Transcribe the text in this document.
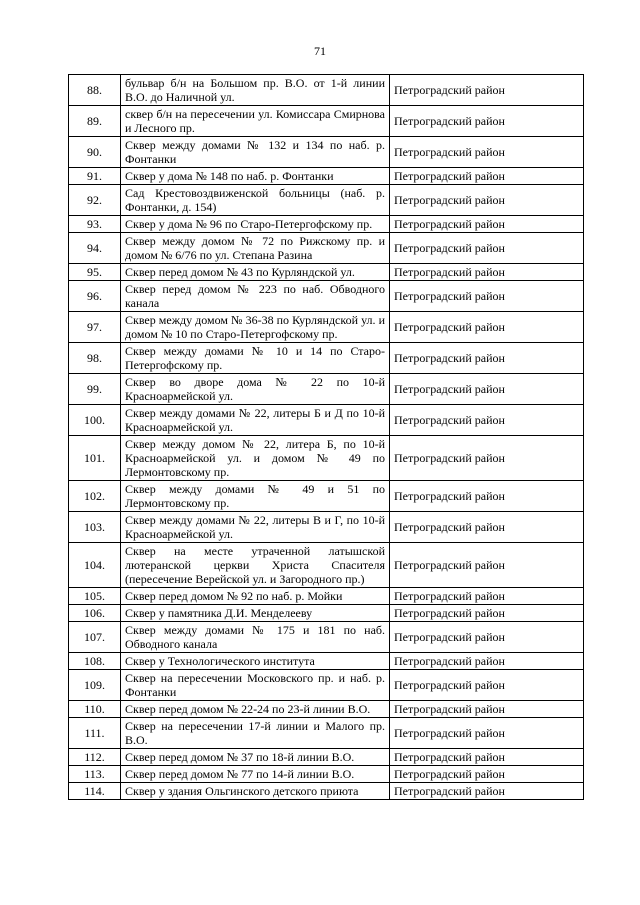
71
88.	бульвар б/н на Большом пр. В.О. от 1-й линии В.О. до Наличной ул.	Петроградский район
89.	сквер б/н на пересечении ул. Комиссара Смирнова и Лесного пр.	Петроградский район
90.	Сквер между домами № 132 и 134 по наб. р. Фонтанки	Петроградский район
91.	Сквер у дома № 148 по наб. р. Фонтанки	Петроградский район
92.	Сад Крестовоздвиженской больницы (наб. р. Фонтанки, д. 154)	Петроградский район
93.	Сквер у дома № 96 по Старо-Петергофскому пр.	Петроградский район
94.	Сквер между домом № 72 по Рижскому пр. и домом № 6/76 по ул. Степана Разина	Петроградский район
95.	Сквер перед домом № 43 по Курляндской ул.	Петроградский район
96.	Сквер перед домом № 223 по наб. Обводного канала	Петроградский район
97.	Сквер между домом № 36-38 по Курляндской ул. и домом № 10 по Старо-Петергофскому пр.	Петроградский район
98.	Сквер между домами № 10 и 14 по Старо-Петергофскому пр.	Петроградский район
99.	Сквер во дворе дома № 22 по 10-й Красноармейской ул.	Петроградский район
100.	Сквер между домами № 22, литеры Б и Д по 10-й Красноармейской ул.	Петроградский район
101.	Сквер между домом № 22, литера Б, по 10-й Красноармейской ул. и домом № 49 по Лермонтовскому пр.	Петроградский район
102.	Сквер между домами № 49 и 51 по Лермонтовскому пр.	Петроградский район
103.	Сквер между домами № 22, литеры В и Г, по 10-й Красноармейской ул.	Петроградский район
104.	Сквер на месте утраченной латышской лютеранской церкви Христа Спасителя (пересечение Верейской ул. и Загородного пр.)	Петроградский район
105.	Сквер перед домом № 92 по наб. р. Мойки	Петроградский район
106.	Сквер у памятника Д.И. Менделееву	Петроградский район
107.	Сквер между домами № 175 и 181 по наб. Обводного канала	Петроградский район
108.	Сквер у Технологического института	Петроградский район
109.	Сквер на пересечении Московского пр. и наб. р. Фонтанки	Петроградский район
110.	Сквер перед домом № 22-24 по 23-й линии В.О.	Петроградский район
111.	Сквер на пересечении 17-й линии и Малого пр. В.О.	Петроградский район
112.	Сквер перед домом № 37 по 18-й линии В.О.	Петроградский район
113.	Сквер перед домом № 77 по 14-й линии В.О.	Петроградский район
114.	Сквер у здания Ольгинского детского приюта	Петроградский район
